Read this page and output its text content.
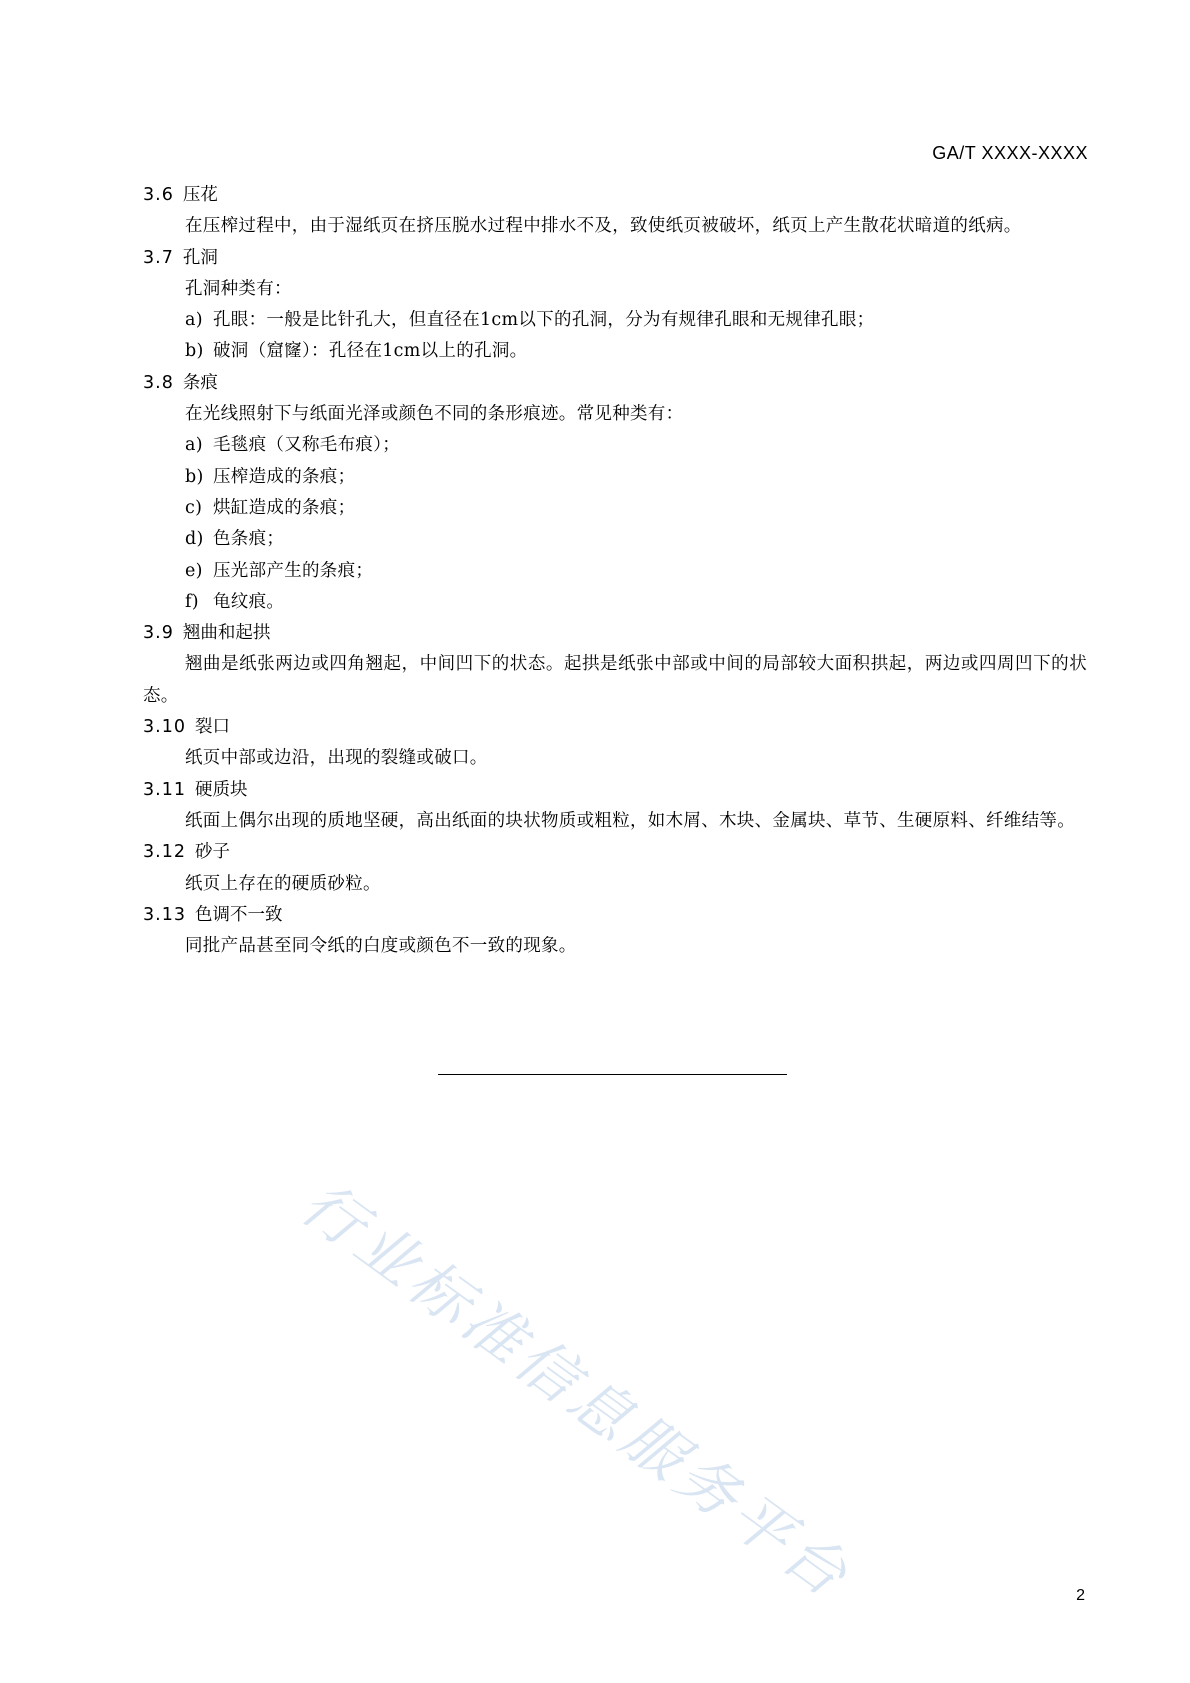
GA/T XXXX-XXXX
3.6 压花
在压榨过程中，由于湿纸页在挤压脱水过程中排水不及，致使纸页被破坏，纸页上产生散花状暗道的纸病。
3.7 孔洞
孔洞种类有：
a) 孔眼：一般是比针孔大，但直径在1cm以下的孔洞，分为有规律孔眼和无规律孔眼；
b) 破洞（窟窿）：孔径在1cm以上的孔洞。
3.8 条痕
在光线照射下与纸面光泽或颜色不同的条形痕迹。常见种类有：
a) 毛毯痕（又称毛布痕）；
b) 压榨造成的条痕；
c) 烘缸造成的条痕；
d) 色条痕；
e) 压光部产生的条痕；
f) 龟纹痕。
3.9 翘曲和起拱
翘曲是纸张两边或四角翘起，中间凹下的状态。起拱是纸张中部或中间的局部较大面积拱起，两边或四周凹下的状态。
3.10 裂口
纸页中部或边沿，出现的裂缝或破口。
3.11 硬质块
纸面上偶尔出现的质地坚硬，高出纸面的块状物质或粗粒，如木屑、木块、金属块、草节、生硬原料、纤维结等。
3.12 砂子
纸页上存在的硬质砂粒。
3.13 色调不一致
同批产品甚至同令纸的白度或颜色不一致的现象。
行业标准信息服务平台	2
